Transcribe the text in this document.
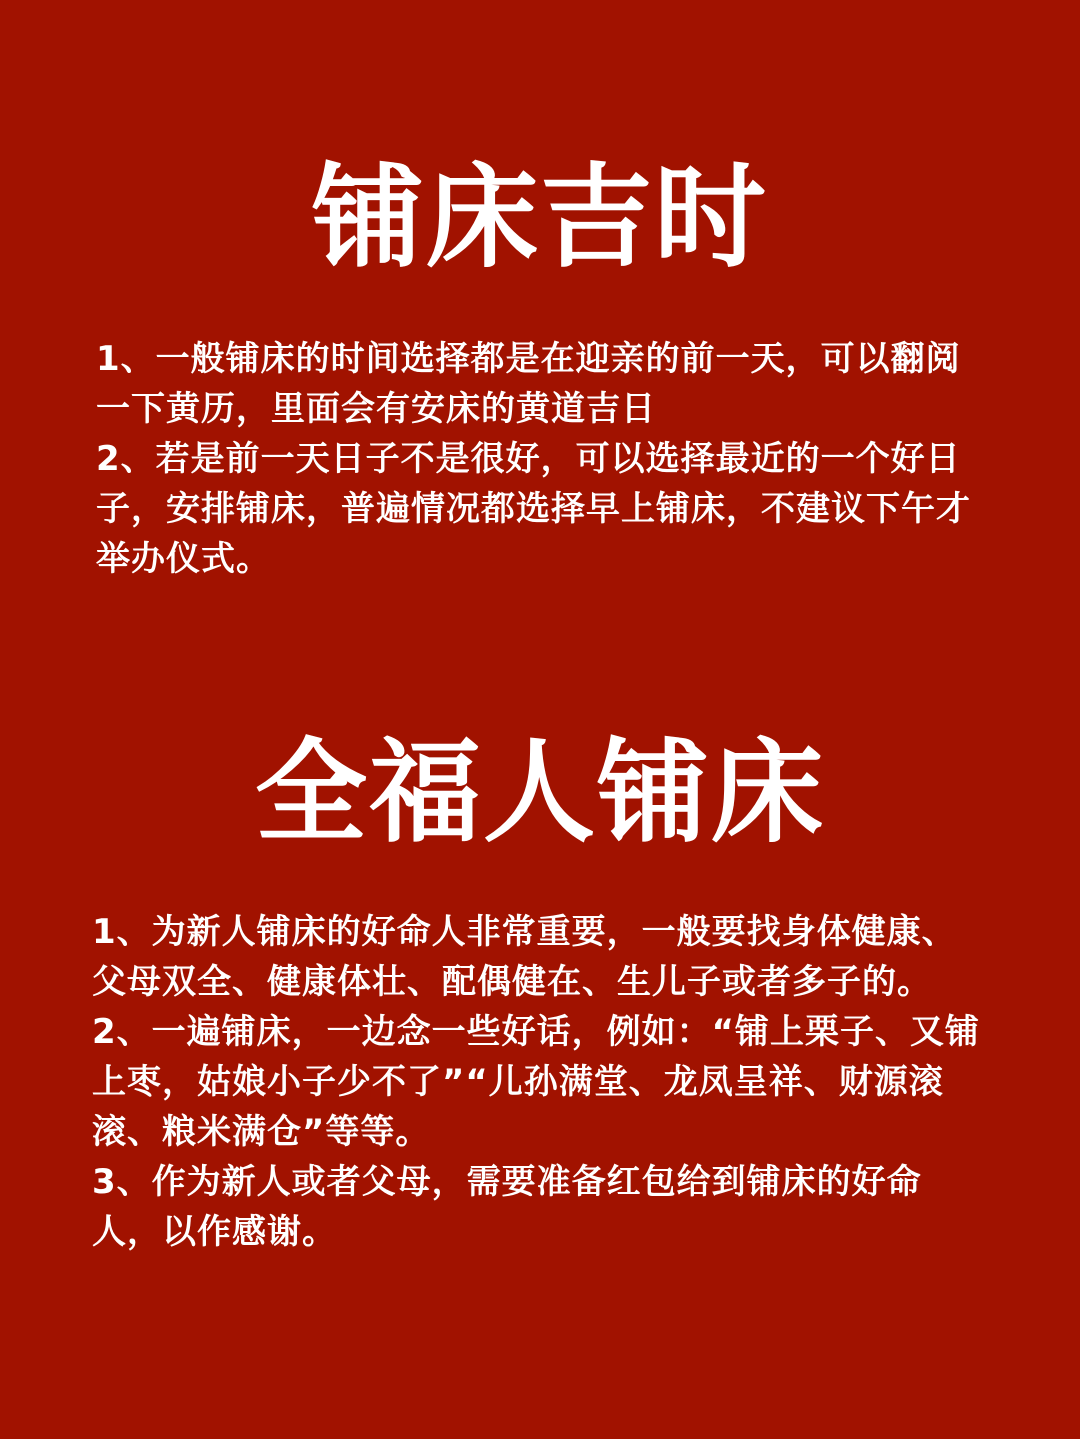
铺床吉时

1、一般铺床的时间选择都是在迎亲的前一天，可以翻阅一下黄历，里面会有安床的黄道吉日

2、若是前一天日子不是很好，可以选择最近的一个好日子，安排铺床，普遍情况都选择早上铺床，不建议下午才举办仪式。

全福人铺床

1、为新人铺床的好命人非常重要，一般要找身体健康、父母双全、健康体壮、配偶健在、生儿子或者多子的。

2、一遍铺床，一边念一些好话，例如：“铺上栗子、又铺上枣，姑娘小子少不了”“儿孙满堂、龙凤呈祥、财源滚滚、粮米满仓”等等。

3、作为新人或者父母，需要准备红包给到铺床的好命人，以作感谢。
